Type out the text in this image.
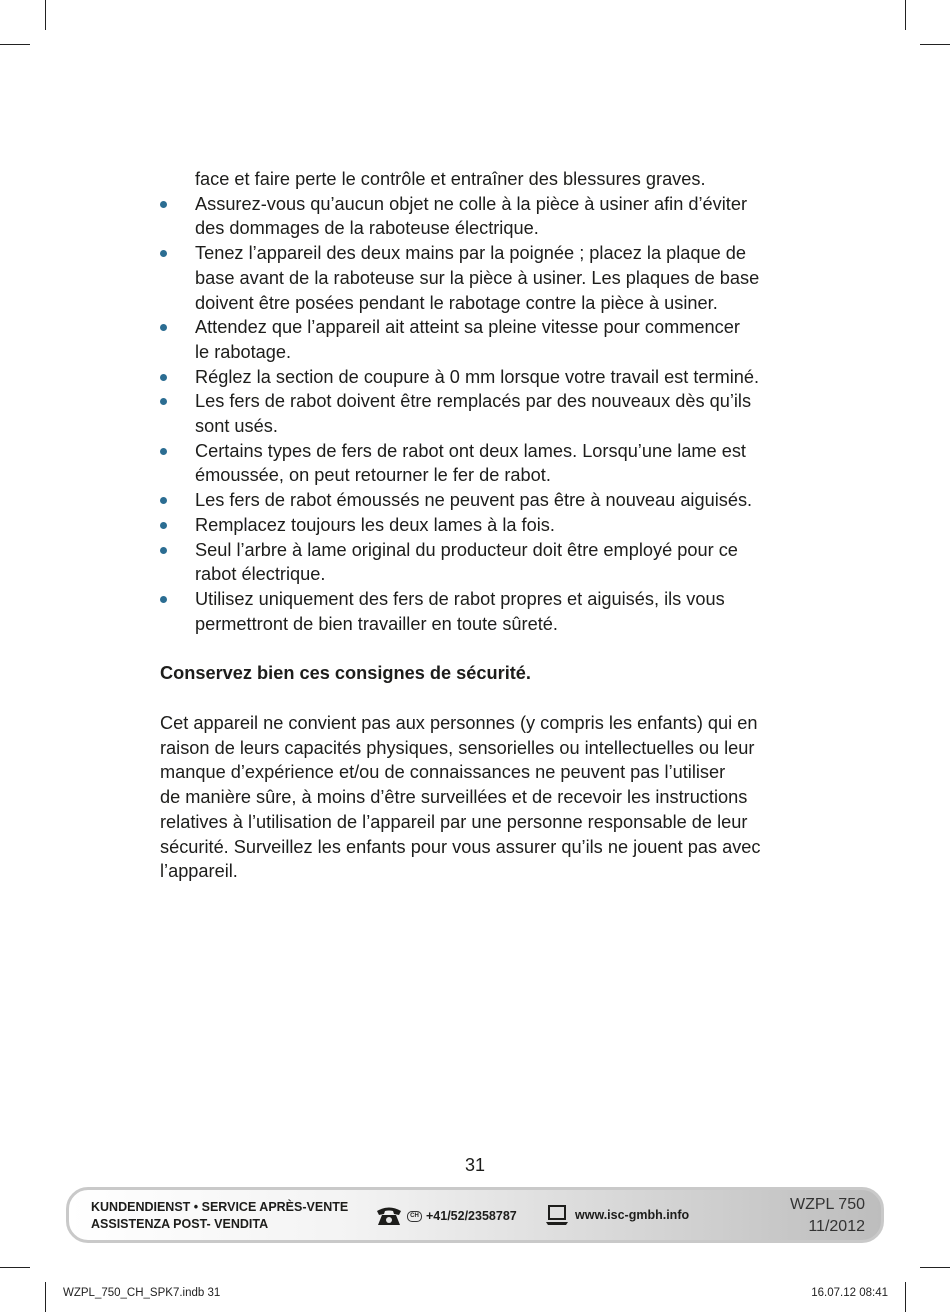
face et faire perte le contrôle et entraîner des blessures graves.
Assurez-vous qu’aucun objet ne colle à la pièce à usiner afin d’éviter
des dommages de la raboteuse électrique.
Tenez l’appareil des deux mains par la poignée ; placez la plaque de
base avant de la raboteuse sur la pièce à usiner. Les plaques de base
doivent être posées pendant le rabotage contre la pièce à usiner.
Attendez que l’appareil ait atteint sa pleine vitesse pour commencer
le rabotage.
Réglez la section de coupure à 0 mm lorsque votre travail est terminé.
Les fers de rabot doivent être remplacés par des nouveaux dès qu’ils
sont usés.
Certains types de fers de rabot ont deux lames. Lorsqu’une lame est
émoussée, on peut retourner le fer de rabot.
Les fers de rabot émoussés ne peuvent pas être à nouveau aiguisés.
Remplacez toujours les deux lames à la fois.
Seul l’arbre à lame original du producteur doit être employé pour ce
rabot électrique.
Utilisez uniquement des fers de rabot propres et aiguisés, ils vous
permettront de bien travailler en toute sûreté.
Conservez bien ces consignes de sécurité.
Cet appareil ne convient pas aux personnes (y compris les enfants) qui en
raison de leurs capacités physiques, sensorielles ou intellectuelles ou leur
manque d’expérience et/ou de connaissances ne peuvent pas l’utiliser
de manière sûre, à moins d’être surveillées et de recevoir les instructions
relatives à l’utilisation de l’appareil par une personne responsable de leur
sécurité. Surveillez les enfants pour vous assurer qu’ils ne jouent pas avec
l’appareil.
31
KUNDENDIENST • SERVICE APRÈS-VENTE
ASSISTENZA POST- VENDITA
CH +41/52/2358787	www.isc-gmbh.info
WZPL 750
11/2012
WZPL_750_CH_SPK7.indb 31	16.07.12 08:41
